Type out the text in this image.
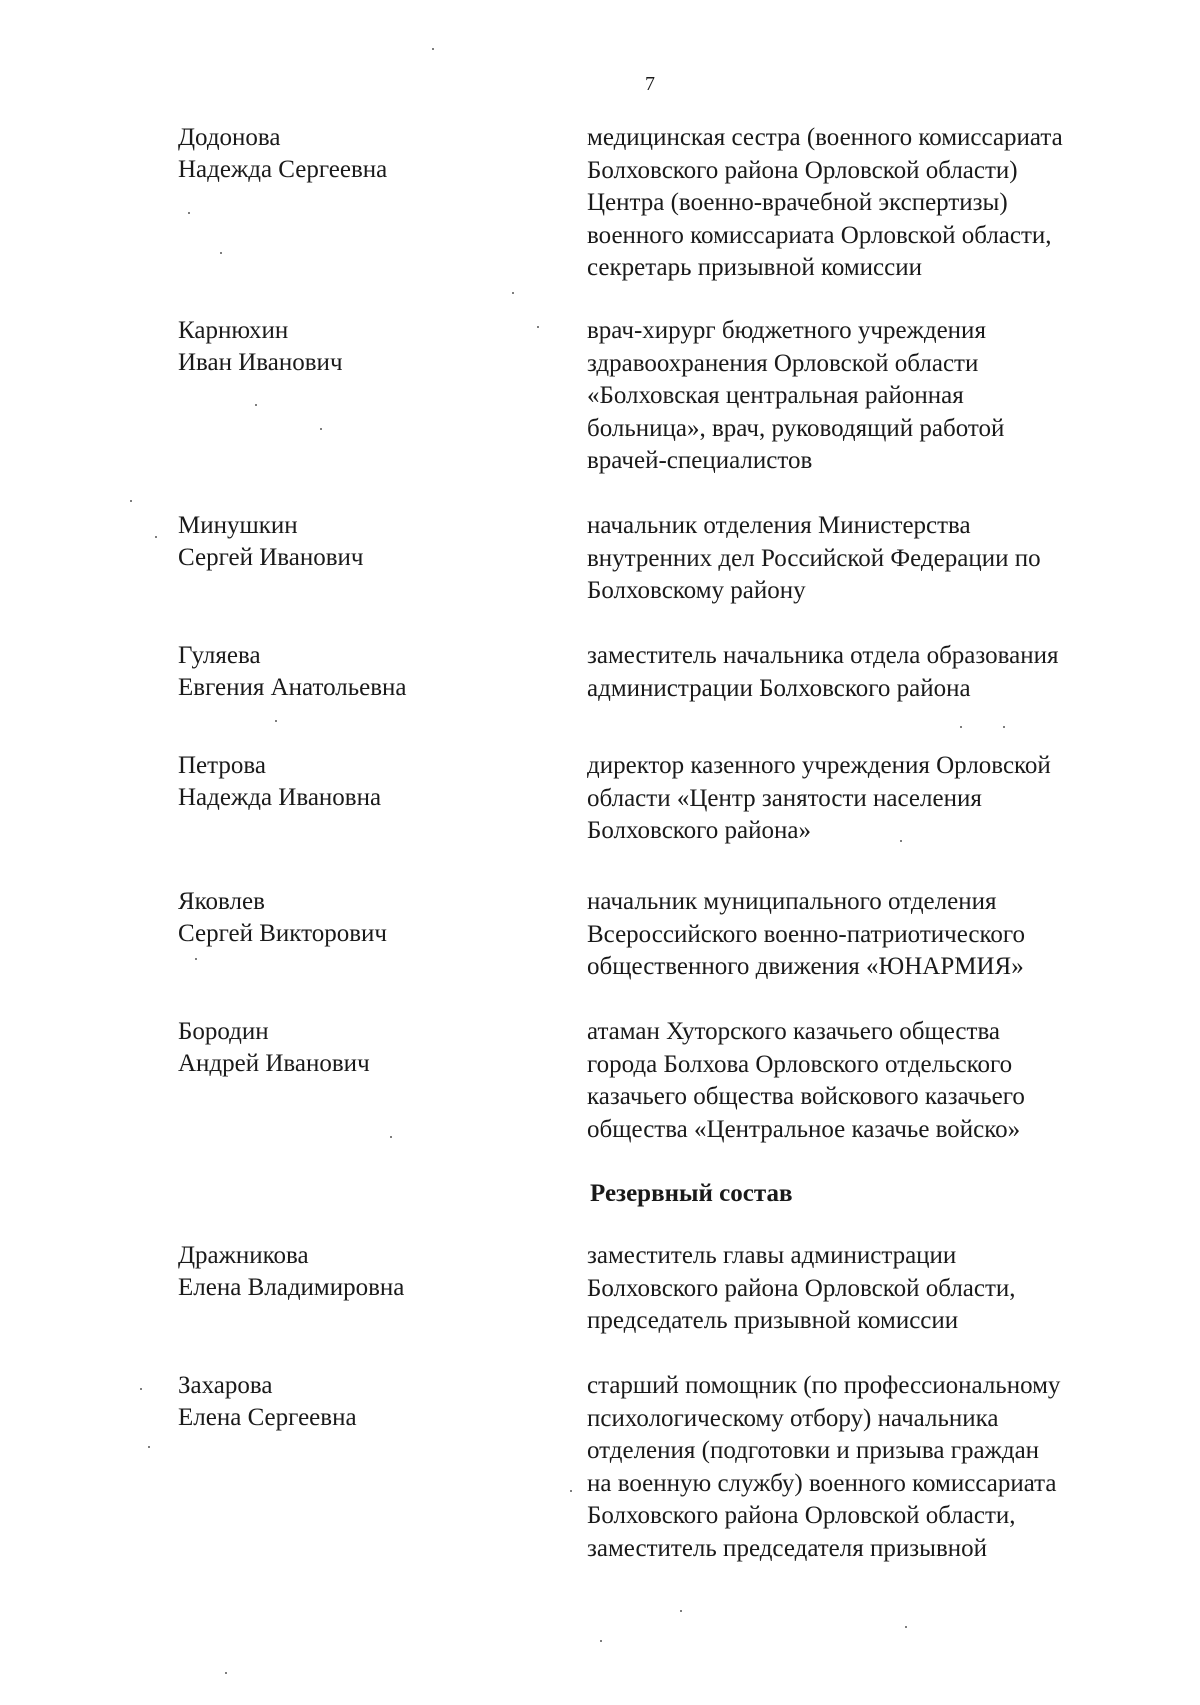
7
Додонова
Надежда Сергеевна
медицинская сестра (военного комиссариата
Болховского района Орловской области)
Центра (военно-врачебной экспертизы)
военного комиссариата Орловской области,
секретарь призывной комиссии
Карнюхин
Иван Иванович
врач-хирург бюджетного учреждения
здравоохранения Орловской области
«Болховская центральная районная
больница», врач, руководящий работой
врачей-специалистов
Минушкин
Сергей Иванович
начальник отделения Министерства
внутренних дел Российской Федерации по
Болховскому району
Гуляева
Евгения Анатольевна
заместитель начальника отдела образования
администрации Болховского района
Петрова
Надежда Ивановна
директор казенного учреждения Орловской
области «Центр занятости населения
Болховского района»
Яковлев
Сергей Викторович
начальник муниципального отделения
Всероссийского военно-патриотического
общественного движения «ЮНАРМИЯ»
Бородин
Андрей Иванович
атаман Хуторского казачьего общества
города Болхова Орловского отдельского
казачьего общества войскового казачьего
общества «Центральное казачье войско»
Резервный состав
Дражникова
Елена Владимировна
заместитель главы администрации
Болховского района Орловской области,
председатель призывной комиссии
Захарова
Елена Сергеевна
старший помощник (по профессиональному
психологическому отбору) начальника
отделения (подготовки и призыва граждан
на военную службу) военного комиссариата
Болховского района Орловской области,
заместитель председателя призывной
